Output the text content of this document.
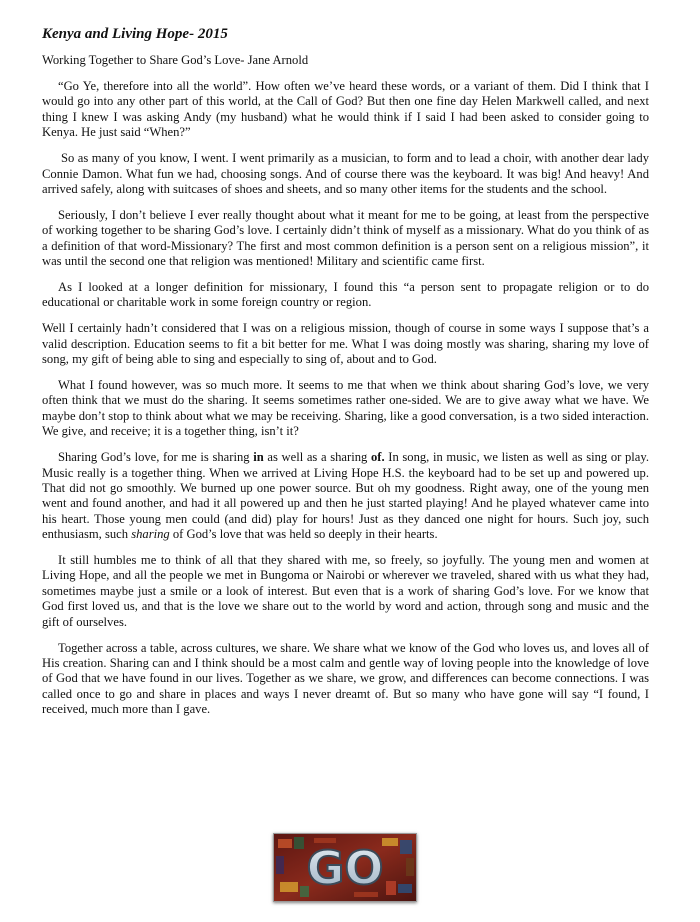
Kenya and Living Hope- 2015
Working Together to Share God’s Love- Jane Arnold

“Go Ye, therefore into all the world”. How often we’ve heard these words, or a variant of them. Did I think that I would go into any other part of this world, at the Call of God? But then one fine day Helen Markwell called, and next thing I knew I was asking Andy (my husband) what he would think if I said I had been asked to consider going to Kenya. He just said “When?”

So as many of you know, I went. I went primarily as a musician, to form and to lead a choir, with another dear lady Connie Damon. What fun we had, choosing songs. And of course there was the keyboard. It was big! And heavy! And arrived safely, along with suitcases of shoes and sheets, and so many other items for the students and the school.

Seriously, I don’t believe I ever really thought about what it meant for me to be going, at least from the perspective of working together to be sharing God’s love. I certainly didn’t think of myself as a missionary. What do you think of as a definition of that word-Missionary? The first and most common definition is a person sent on a religious mission”, it was until the second one that religion was mentioned! Military and scientific came first.

As I looked at a longer definition for missionary, I found this “a person sent to propagate religion or to do educational or charitable work in some foreign country or region.

Well I certainly hadn’t considered that I was on a religious mission, though of course in some ways I suppose that’s a valid description. Education seems to fit a bit better for me. What I was doing mostly was sharing, sharing my love of song, my gift of being able to sing and especially to sing of, about and to God.

What I found however, was so much more. It seems to me that when we think about sharing God’s love, we very often think that we must do the sharing. It seems sometimes rather one-sided. We are to give away what we have. We maybe don’t stop to think about what we may be receiving. Sharing, like a good conversation, is a two sided interaction. We give, and receive; it is a together thing, isn’t it?

Sharing God’s love, for me is sharing in as well as a sharing of. In song, in music, we listen as well as sing or play. Music really is a together thing. When we arrived at Living Hope H.S. the keyboard had to be set up and powered up. That did not go smoothly. We burned up one power source. But oh my goodness. Right away, one of the young men went and found another, and had it all powered up and then he just started playing! And he played whatever came into his heart. Those young men could (and did) play for hours! Just as they danced one night for hours. Such joy, such enthusiasm, such sharing of God’s love that was held so deeply in their hearts.

It still humbles me to think of all that they shared with me, so freely, so joyfully. The young men and women at Living Hope, and all the people we met in Bungoma or Nairobi or wherever we traveled, shared with us what they had, sometimes maybe just a smile or a look of interest. But even that is a work of sharing God’s love. For we know that God first loved us, and that is the love we share out to the world by word and action, through song and music and the gift of ourselves.

Together across a table, across cultures, we share. We share what we know of the God who loves us, and loves all of His creation. Sharing can and I think should be a most calm and gentle way of loving people into the knowledge of love of God that we have found in our lives. Together as we share, we grow, and differences can become connections. I was called once to go and share in places and ways I never dreamt of. But so many who have gone will say “I found, I received, much more than I gave.

GO
